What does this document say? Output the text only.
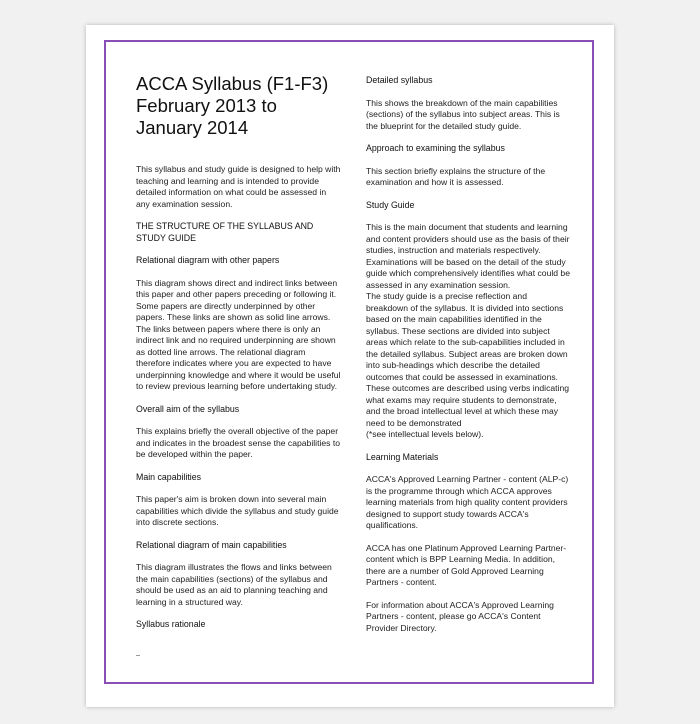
ACCA Syllabus (F1-F3) February 2013 to January 2014
This syllabus and study guide is designed to help with teaching and learning and is intended to provide detailed information on what could be assessed in any examination session.
THE STRUCTURE OF THE SYLLABUS AND STUDY GUIDE
Relational diagram with other papers
This diagram shows direct and indirect links between this paper and other papers preceding or following it. Some papers are directly underpinned by other papers. These links are shown as solid line arrows. The links between papers where there is only an indirect link and no required underpinning are shown as dotted line arrows. The relational diagram therefore indicates where you are expected to have underpinning knowledge and where it would be useful to review previous learning before undertaking study.
Overall aim of the syllabus
This explains briefly the overall objective of the paper and indicates in the broadest sense the capabilities to be developed within the paper.
Main capabilities
This paper's aim is broken down into several main capabilities which divide the syllabus and study guide into discrete sections.
Relational diagram of main capabilities
This diagram illustrates the flows and links between the main capabilities (sections) of the syllabus and should be used as an aid to planning teaching and learning in a structured way.
Syllabus rationale
Detailed syllabus
This shows the breakdown of the main capabilities (sections) of the syllabus into subject areas. This is the blueprint for the detailed study guide.
Approach to examining the syllabus
This section briefly explains the structure of the examination and how it is assessed.
Study Guide
This is the main document that students and learning and content providers should use as the basis of their studies, instruction and materials respectively.
Examinations will be based on the detail of the study guide which comprehensively identifies what could be assessed in any examination session.
The study guide is a precise reflection and breakdown of the syllabus. It is divided into sections based on the main capabilities identified in the syllabus. These sections are divided into subject areas which relate to the sub-capabilities included in the detailed syllabus. Subject areas are broken down into sub-headings which describe the detailed outcomes that could be assessed in examinations. These outcomes are described using verbs indicating what exams may require students to demonstrate, and the broad intellectual level at which these may need to be demonstrated
(*see intellectual levels below).
Learning Materials
ACCA's Approved Learning Partner - content (ALP-c) is the programme through which ACCA approves learning materials from high quality content providers designed to support study towards ACCA's qualifications.
ACCA has one Platinum Approved Learning Partner- content which is BPP Learning Media. In addition, there are a number of Gold Approved Learning Partners - content.
For information about ACCA's Approved Learning Partners - content, please go ACCA's Content Provider Directory.
